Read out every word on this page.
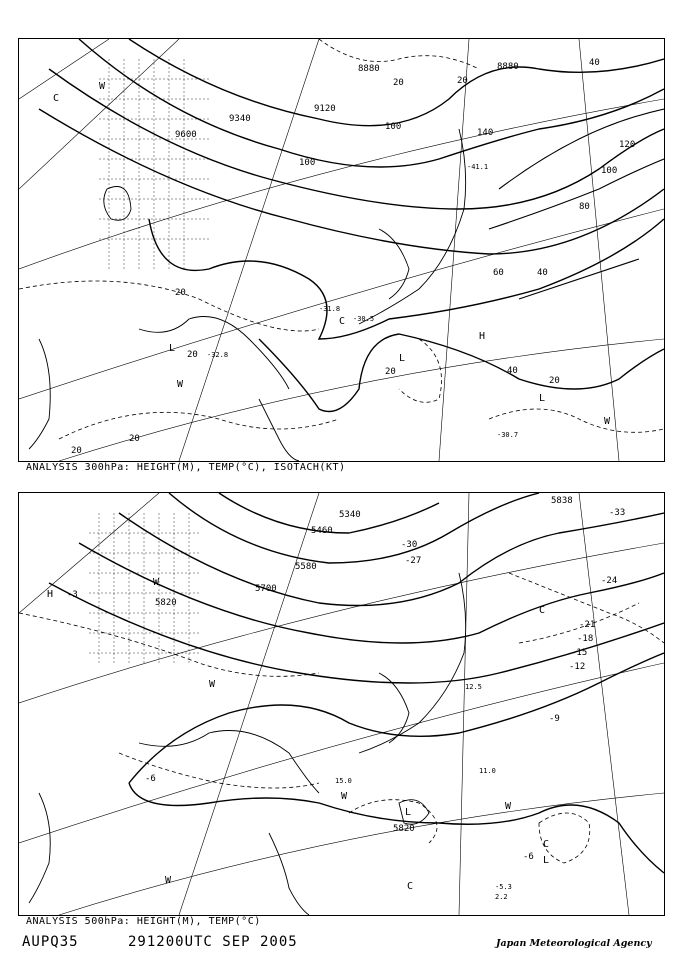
C
W
L
H
W
C
L
W
L
8880
8880
9120
9340
9600
20
20
20
20
20
20
20
20
40
40
40
60
80
100
100
100
120
140
-30.5
-31.8
-32.8
-41.1
-30.7
ANALYSIS 300hPa: HEIGHT(M), TEMP(°C), ISOTACH(KT)
H
W
C
W
W
W
L
W
C
L
C
5340
5460
5580
5700
5820
5820
5838
-3
-6
-9
-12
-15
-18
-21
-24
-27
-30
-33
-6
12.5
11.0
15.0
-5.3
2.2
ANALYSIS 500hPa: HEIGHT(M), TEMP(°C)
AUPQ35	291200UTC SEP 2005	Japan Meteorological Agency
